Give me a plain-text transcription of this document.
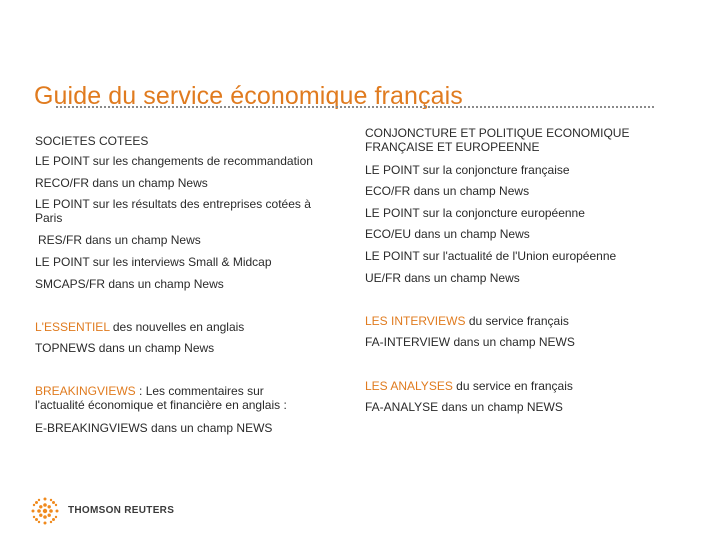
Guide du service économique français
SOCIETES COTEES
LE POINT sur les changements de recommandation
RECO/FR dans un champ News
LE POINT sur les résultats des entreprises cotées à Paris
RES/FR dans un champ News
LE POINT sur les interviews Small & Midcap
SMCAPS/FR dans un champ News
L'ESSENTIEL des nouvelles en anglais
TOPNEWS dans un champ News
BREAKINGVIEWS : Les commentaires sur l'actualité économique et financière en anglais :
E-BREAKINGVIEWS dans un champ NEWS
CONJONCTURE ET POLITIQUE ECONOMIQUE FRANÇAISE ET EUROPEENNE
LE POINT sur la conjoncture française
ECO/FR dans un champ News
LE POINT sur la conjoncture européenne
ECO/EU dans un champ News
LE POINT sur l'actualité de l'Union européenne
UE/FR dans un champ News
LES INTERVIEWS du service français
FA-INTERVIEW dans un champ NEWS
LES ANALYSES du service en français
FA-ANALYSE dans un champ NEWS
THOMSON REUTERS
